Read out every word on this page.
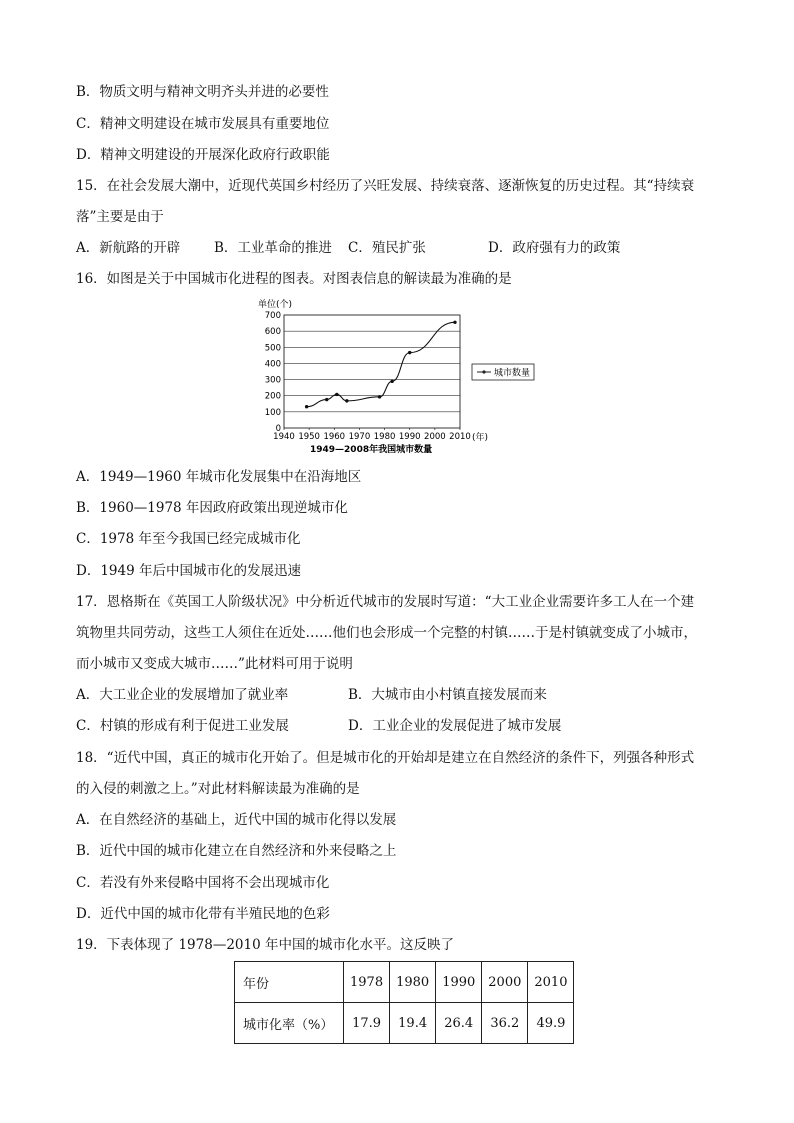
B．物质文明与精神文明齐头并进的必要性
C．精神文明建设在城市发展具有重要地位
D．精神文明建设的开展深化政府行政职能
15．在社会发展大潮中，近现代英国乡村经历了兴旺发展、持续衰落、逐渐恢复的历史过程。其“持续衰
落”主要是由于
A．新航路的开辟	B．工业革命的推进 C．殖民扩张	D．政府强有力的政策
16．如图是关于中国城市化进程的图表。对图表信息的解读最为准确的是
0
100
200
300
400
500
600
700
1940 1950 1960 1970 1980 1990 2000 2010
单位(个)
(年)
1949—2008年我国城市数量
城市数量
A．1949—1960 年城市化发展集中在沿海地区
B．1960—1978 年因政府政策出现逆城市化
C．1978 年至今我国已经完成城市化
D．1949 年后中国城市化的发展迅速
17．恩格斯在《英国工人阶级状况》中分析近代城市的发展时写道：“大工业企业需要许多工人在一个建
筑物里共同劳动，这些工人须住在近处……他们也会形成一个完整的村镇……于是村镇就变成了小城市，
而小城市又变成大城市……”此材料可用于说明
A．大工业企业的发展增加了就业率	B．大城市由小村镇直接发展而来
C．村镇的形成有利于促进工业发展	D．工业企业的发展促进了城市发展
18．“近代中国，真正的城市化开始了。但是城市化的开始却是建立在自然经济的条件下，列强各种形式
的入侵的刺激之上。”对此材料解读最为准确的是
A．在自然经济的基础上，近代中国的城市化得以发展
B．近代中国的城市化建立在自然经济和外来侵略之上
C．若没有外来侵略中国将不会出现城市化
D．近代中国的城市化带有半殖民地的色彩
19．下表体现了 1978—2010 年中国的城市化水平。这反映了
年份	1978	1980	1990	2000	2010
城市化率（%）	17.9	19.4	26.4	36.2	49.9
